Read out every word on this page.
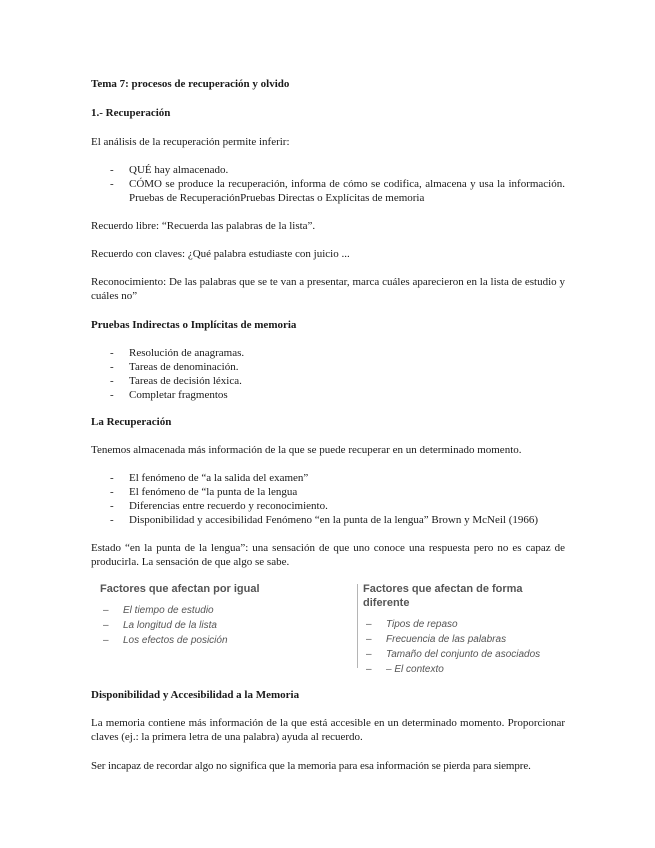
Tema 7: procesos de recuperación y olvido

1.- Recuperación

El análisis de la recuperación permite inferir:

- QUÉ hay almacenado.
- CÓMO se produce la recuperación, informa de cómo se codifica, almacena y usa la información. Pruebas de RecuperaciónPruebas Directas o Explícitas de memoria

Recuerdo libre: “Recuerda las palabras de la lista”.

Recuerdo con claves: ¿Qué palabra estudiaste con juicio ...

Reconocimiento: De las palabras que se te van a presentar, marca cuáles aparecieron en la lista de estudio y cuáles no”

Pruebas Indirectas o Implícitas de memoria

- Resolución de anagramas.
- Tareas de denominación.
- Tareas de decisión léxica.
- Completar fragmentos

La Recuperación

Tenemos almacenada más información de la que se puede recuperar en un determinado momento.

- El fenómeno de “a la salida del examen”
- El fenómeno de “la punta de la lengua
- Diferencias entre recuerdo y reconocimiento.
- Disponibilidad y accesibilidad Fenómeno “en la punta de la lengua” Brown y McNeil (1966)

Estado “en la punta de la lengua”: una sensación de que uno conoce una respuesta pero no es capaz de producirla. La sensación de que algo se sabe.

Factores que afectan por igual
– El tiempo de estudio
– La longitud de la lista
– Los efectos de posición
Factores que afectan de forma diferente
– Tipos de repaso
– Frecuencia de las palabras
– Tamaño del conjunto de asociados
– – El contexto

Disponibilidad y Accesibilidad a la Memoria

La memoria contiene más información de la que está accesible en un determinado momento. Proporcionar claves (ej.: la primera letra de una palabra) ayuda al recuerdo.

Ser incapaz de recordar algo no significa que la memoria para esa información se pierda para siempre.
